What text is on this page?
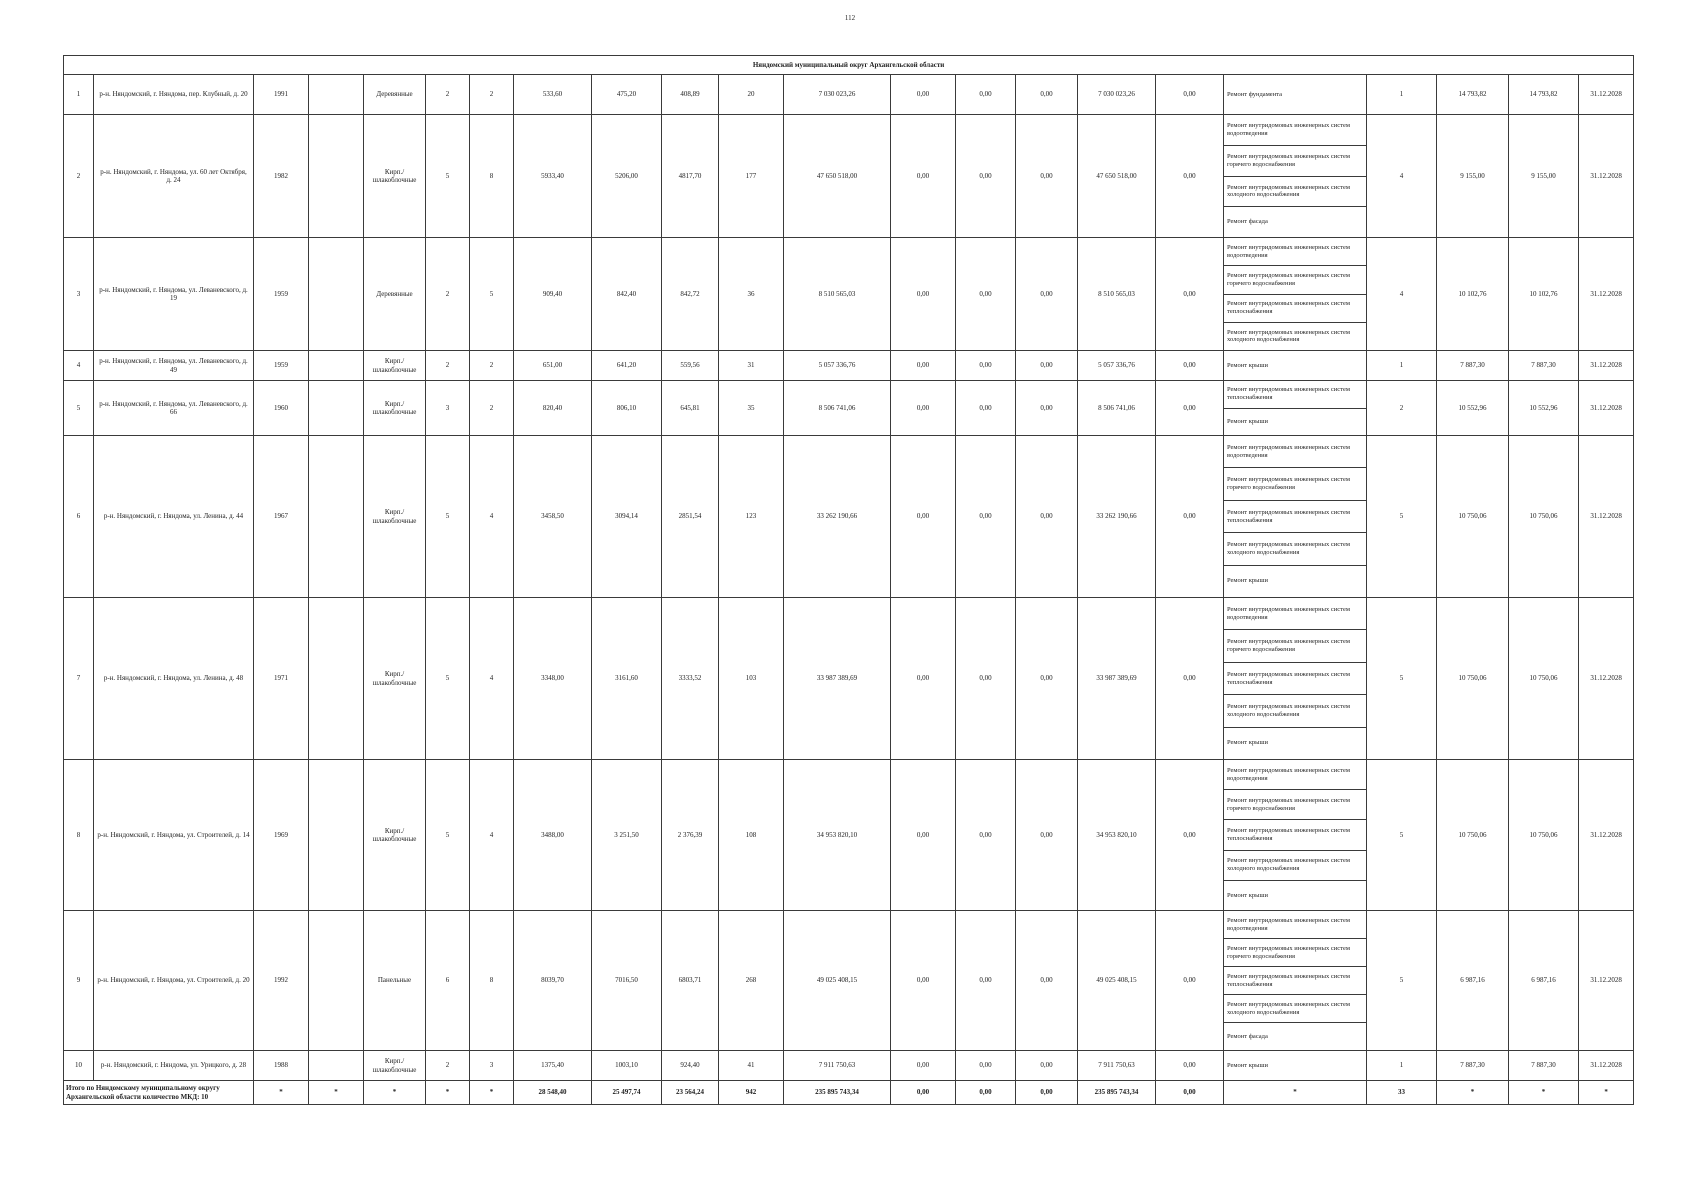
112
Няндомский муниципальный округ Архангельской области																					
1	р-н. Няндомский, г. Няндома, пер. Клубный, д. 20	1991		Деревянные	2	2	533,60	475,20	408,89	20	7 030 023,26	0,00	0,00	0,00	7 030 023,26	0,00	Ремонт фундамента	1	14 793,82	14 793,82	31.12.2028
2	р-н. Няндомский, г. Няндома, ул. 60 лет Октября, д. 24	1982		Кирп./ шлакоблочные	5	8	5933,40	5206,00	4817,70	177	47 650 518,00	0,00	0,00	0,00	47 650 518,00	0,00	Ремонт внутридомовых инженерных систем водоотведения
Ремонт внутридомовых инженерных систем горячего водоснабжения
Ремонт внутридомовых инженерных систем холодного водоснабжения
Ремонт фасада	4	9 155,00	9 155,00	31.12.2028
3	р-н. Няндомский, г. Няндома, ул. Леваневского, д. 19	1959		Деревянные	2	5	909,40	842,40	842,72	36	8 510 565,03	0,00	0,00	0,00	8 510 565,03	0,00	Ремонт внутридомовых инженерных систем водоотведения
Ремонт внутридомовых инженерных систем горячего водоснабжения
Ремонт внутридомовых инженерных систем теплоснабжения
Ремонт внутридомовых инженерных систем холодного водоснабжения	4	10 102,76	10 102,76	31.12.2028
4	р-н. Няндомский, г. Няндома, ул. Леваневского, д. 49	1959		Кирп./ шлакоблочные	2	2	651,00	641,20	559,56	31	5 057 336,76	0,00	0,00	0,00	5 057 336,76	0,00	Ремонт крыши	1	7 887,30	7 887,30	31.12.2028
5	р-н. Няндомский, г. Няндома, ул. Леваневского, д. 66	1960		Кирп./ шлакоблочные	3	2	820,40	806,10	645,81	35	8 506 741,06	0,00	0,00	0,00	8 506 741,06	0,00	Ремонт внутридомовых инженерных систем теплоснабжения
Ремонт крыши	2	10 552,96	10 552,96	31.12.2028
6	р-н. Няндомский, г. Няндома, ул. Ленина, д. 44	1967		Кирп./ шлакоблочные	5	4	3458,50	3094,14	2851,54	123	33 262 190,66	0,00	0,00	0,00	33 262 190,66	0,00	Ремонт внутридомовых инженерных систем водоотведения
Ремонт внутридомовых инженерных систем горячего водоснабжения
Ремонт внутридомовых инженерных систем теплоснабжения
Ремонт внутридомовых инженерных систем холодного водоснабжения
Ремонт крыши	5	10 750,06	10 750,06	31.12.2028
7	р-н. Няндомский, г. Няндома, ул. Ленина, д. 48	1971		Кирп./ шлакоблочные	5	4	3348,00	3161,60	3333,52	103	33 987 389,69	0,00	0,00	0,00	33 987 389,69	0,00	Ремонт внутридомовых инженерных систем водоотведения
Ремонт внутридомовых инженерных систем горячего водоснабжения
Ремонт внутридомовых инженерных систем теплоснабжения
Ремонт внутридомовых инженерных систем холодного водоснабжения
Ремонт крыши	5	10 750,06	10 750,06	31.12.2028
8	р-н. Няндомский, г. Няндома, ул. Строителей, д. 14	1969		Кирп./ шлакоблочные	5	4	3488,00	3 251,50	2 376,39	108	34 953 820,10	0,00	0,00	0,00	34 953 820,10	0,00	Ремонт внутридомовых инженерных систем водоотведения
Ремонт внутридомовых инженерных систем горячего водоснабжения
Ремонт внутридомовых инженерных систем теплоснабжения
Ремонт внутридомовых инженерных систем холодного водоснабжения
Ремонт крыши	5	10 750,06	10 750,06	31.12.2028
9	р-н. Няндомский, г. Няндома, ул. Строителей, д. 20	1992		Панельные	6	8	8039,70	7016,50	6803,71	268	49 025 408,15	0,00	0,00	0,00	49 025 408,15	0,00	Ремонт внутридомовых инженерных систем водоотведения
Ремонт внутридомовых инженерных систем горячего водоснабжения
Ремонт внутридомовых инженерных систем теплоснабжения
Ремонт внутридомовых инженерных систем холодного водоснабжения
Ремонт фасада	5	6 987,16	6 987,16	31.12.2028
10	р-н. Няндомский, г. Няндома, ул. Урицкого, д. 28	1988		Кирп./ шлакоблочные	2	3	1375,40	1003,10	924,40	41	7 911 750,63	0,00	0,00	0,00	7 911 750,63	0,00	Ремонт крыши	1	7 887,30	7 887,30	31.12.2028
Итого по Няндомскому муниципальному округу Архангельской области количество МКД: 10		*	*	*	*	*	28 548,40	25 497,74	23 564,24	942	235 895 743,34	0,00	0,00	0,00	235 895 743,34	0,00	*	33	*	*	*
